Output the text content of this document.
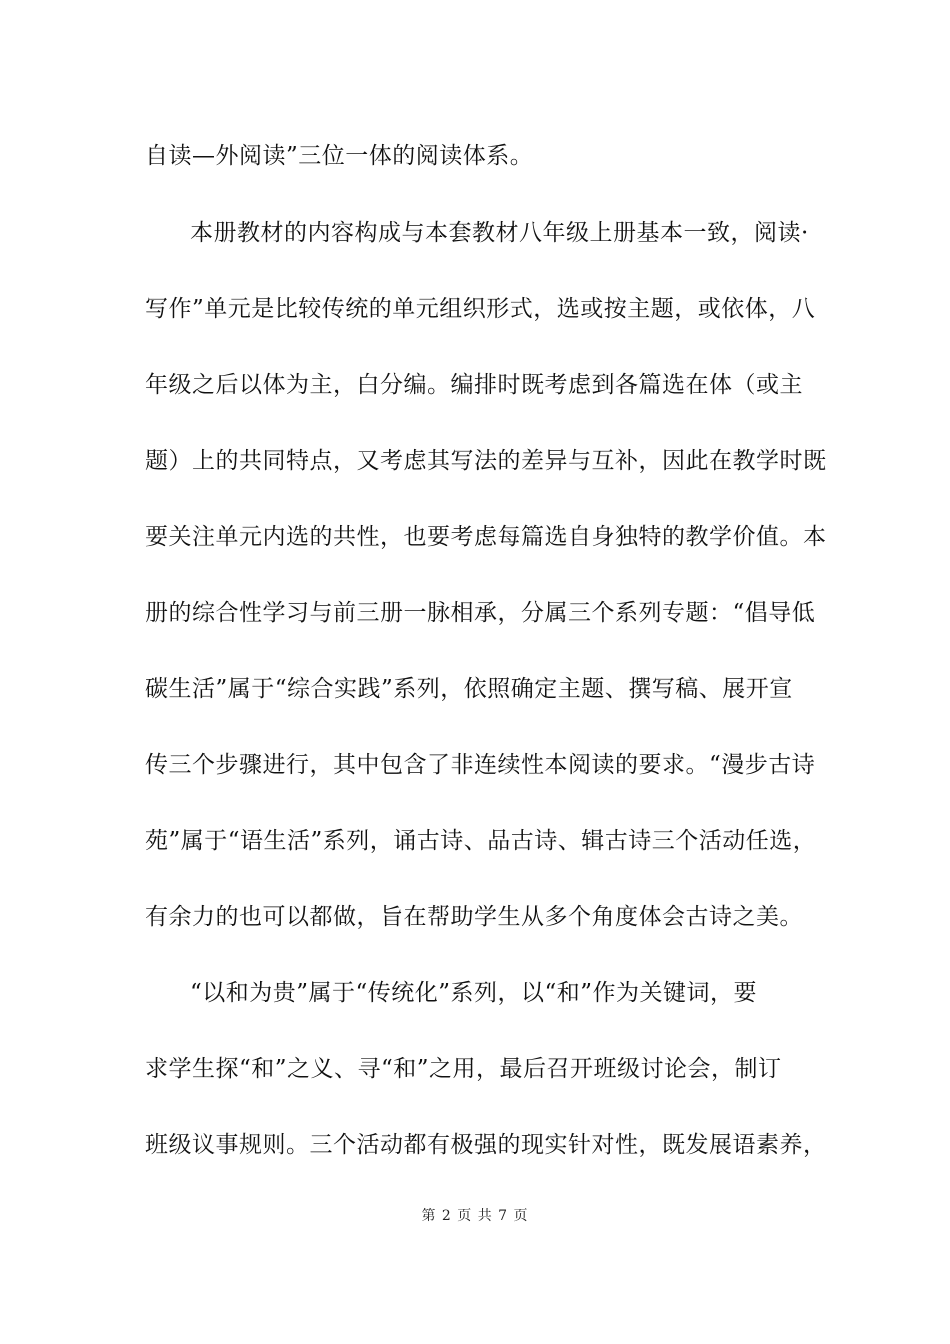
自读—外阅读”三位一体的阅读体系。
本册教材的内容构成与本套教材八年级上册基本一致，阅读·
写作”单元是比较传统的单元组织形式，选或按主题，或依体，八
年级之后以体为主，白分编。编排时既考虑到各篇选在体（或主
题）上的共同特点，又考虑其写法的差异与互补，因此在教学时既
要关注单元内选的共性，也要考虑每篇选自身独特的教学价值。本
册的综合性学习与前三册一脉相承，分属三个系列专题：“倡导低
碳生活”属于“综合实践”系列，依照确定主题、撰写稿、展开宣
传三个步骤进行，其中包含了非连续性本阅读的要求。“漫步古诗
苑”属于“语生活”系列，诵古诗、品古诗、辑古诗三个活动任选，
有余力的也可以都做，旨在帮助学生从多个角度体会古诗之美。
“以和为贵”属于“传统化”系列，以“和”作为关键词，要
求学生探“和”之义、寻“和”之用，最后召开班级讨论会，制订
班级议事规则。三个活动都有极强的现实针对性，既发展语素养，
第 2 页 共 7 页
